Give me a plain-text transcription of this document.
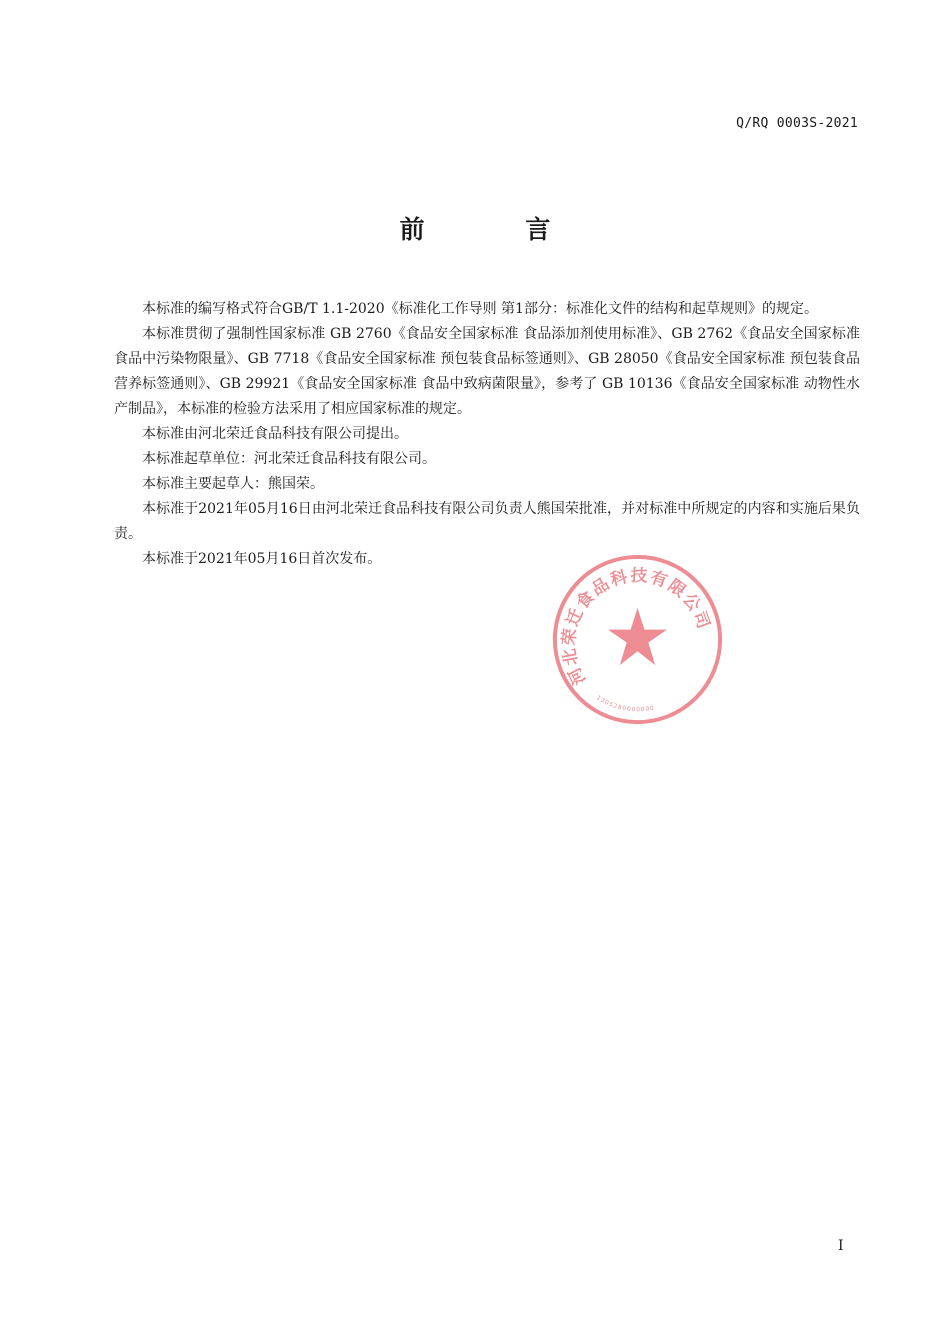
Q/RQ 0003S-2021
前 言

本标准的编写格式符合GB/T 1.1-2020《标准化工作导则 第1部分：标准化文件的结构和起草规则》的规定。

本标准贯彻了强制性国家标准 GB 2760《食品安全国家标准 食品添加剂使用标准》、GB 2762《食品安全国家标准 食品中污染物限量》、GB 7718《食品安全国家标准 预包装食品标签通则》、GB 28050《食品安全国家标准 预包装食品营养标签通则》、GB 29921《食品安全国家标准 食品中致病菌限量》，参考了 GB 10136《食品安全国家标准 动物性水产制品》，本标准的检验方法采用了相应国家标准的规定。

本标准由河北荣迁食品科技有限公司提出。

本标准起草单位：河北荣迁食品科技有限公司。

本标准主要起草人：熊国荣。

本标准于2021年05月16日由河北荣迁食品科技有限公司负责人熊国荣批准，并对标准中所规定的内容和实施后果负责。

本标准于2021年05月16日首次发布。

河北荣迁食品科技有限公司
1305280000000
I
